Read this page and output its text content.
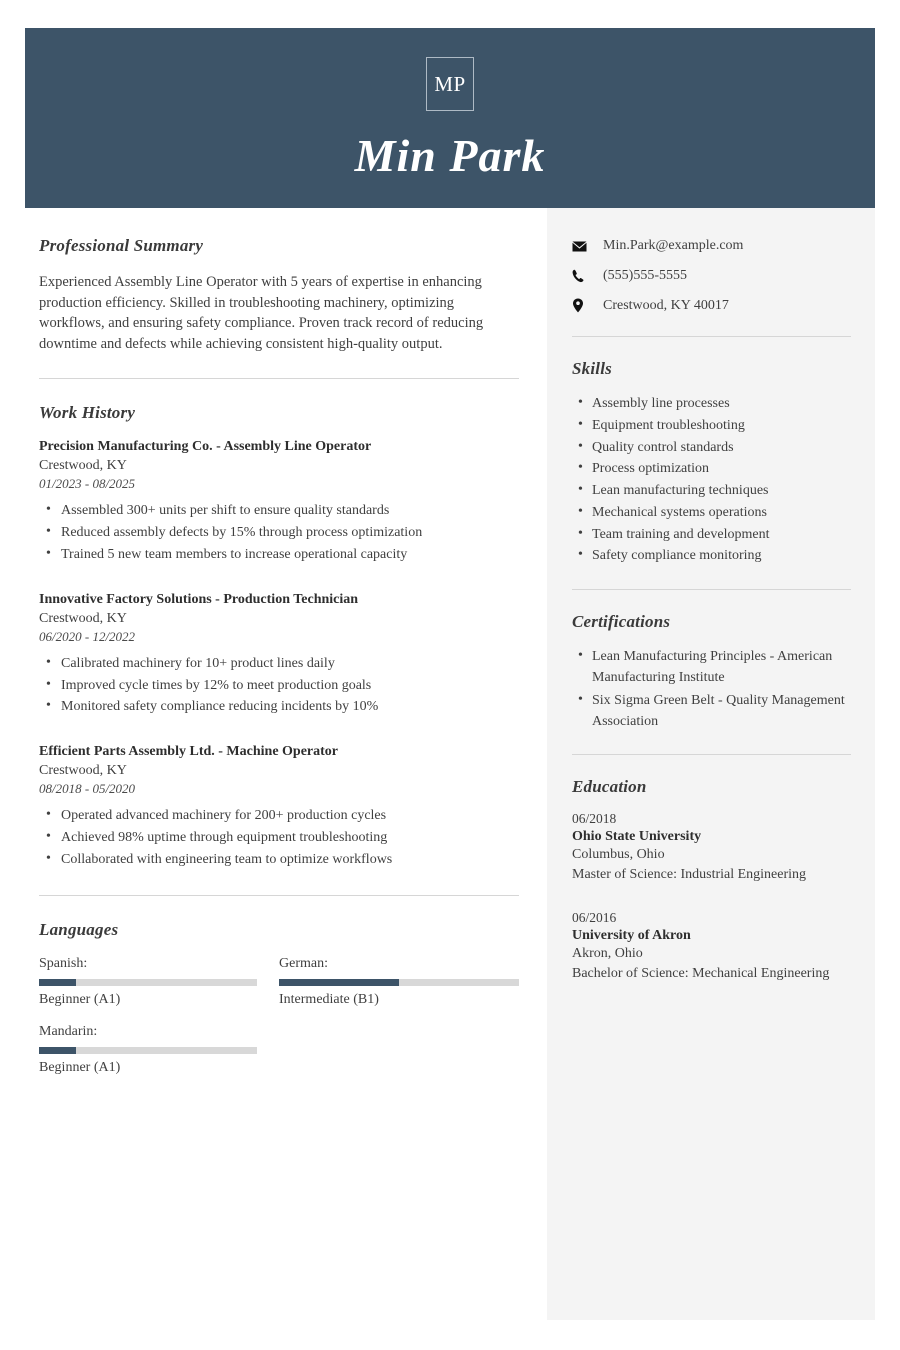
MP
Min Park
Professional Summary

Experienced Assembly Line Operator with 5 years of expertise in enhancing production efficiency. Skilled in troubleshooting machinery, optimizing workflows, and ensuring safety compliance. Proven track record of reducing downtime and defects while achieving consistent high-quality output.

Work History
Precision Manufacturing Co. - Assembly Line Operator
Crestwood, KY
01/2023 - 08/2025
• Assembled 300+ units per shift to ensure quality standards
• Reduced assembly defects by 15% through process optimization
• Trained 5 new team members to increase operational capacity
Innovative Factory Solutions - Production Technician
Crestwood, KY
06/2020 - 12/2022
• Calibrated machinery for 10+ product lines daily
• Improved cycle times by 12% to meet production goals
• Monitored safety compliance reducing incidents by 10%
Efficient Parts Assembly Ltd. - Machine Operator
Crestwood, KY
08/2018 - 05/2020
• Operated advanced machinery for 200+ production cycles
• Achieved 98% uptime through equipment troubleshooting
• Collaborated with engineering team to optimize workflows
Languages
Spanish:
Beginner (A1)
German:
Intermediate (B1)
Mandarin:
Beginner (A1)
Min.Park@example.com
(555)555-5555
Crestwood, KY 40017
Skills
• Assembly line processes
• Equipment troubleshooting
• Quality control standards
• Process optimization
• Lean manufacturing techniques
• Mechanical systems operations
• Team training and development
• Safety compliance monitoring
Certifications
• Lean Manufacturing Principles - American Manufacturing Institute
• Six Sigma Green Belt - Quality Management Association
Education
06/2018
Ohio State University
Columbus, Ohio
Master of Science: Industrial Engineering
06/2016
University of Akron
Akron, Ohio
Bachelor of Science: Mechanical Engineering
